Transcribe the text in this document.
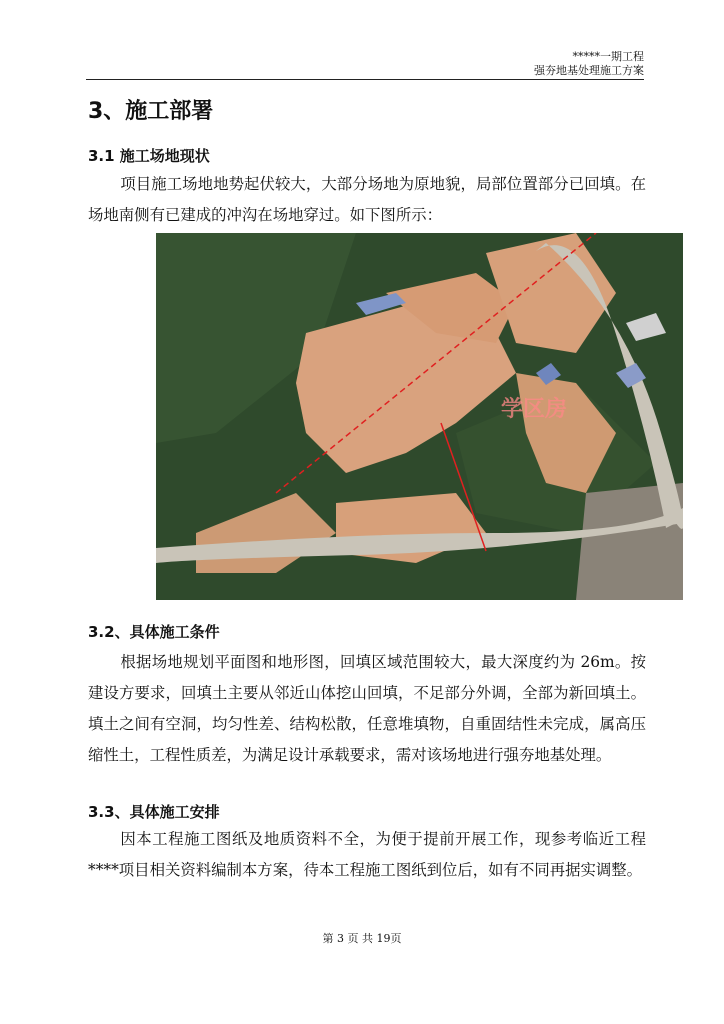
*****一期工程
强夯地基处理施工方案
3、施工部署
3.1 施工场地现状

项目施工场地地势起伏较大，大部分场地为原地貌，局部位置部分已回填。在场地南侧有已建成的冲沟在场地穿过。如下图所示：

学区房
3.2、具体施工条件

根据场地规划平面图和地形图，回填区域范围较大，最大深度约为 26m。按建设方要求，回填土主要从邻近山体挖山回填，不足部分外调，全部为新回填土。填土之间有空洞，均匀性差、结构松散，任意堆填物，自重固结性未完成，属高压缩性土，工程性质差，为满足设计承载要求，需对该场地进行强夯地基处理。

3.3、具体施工安排

因本工程施工图纸及地质资料不全，为便于提前开展工作，现参考临近工程****项目相关资料编制本方案，待本工程施工图纸到位后，如有不同再据实调整。

第 3 页 共 19页
